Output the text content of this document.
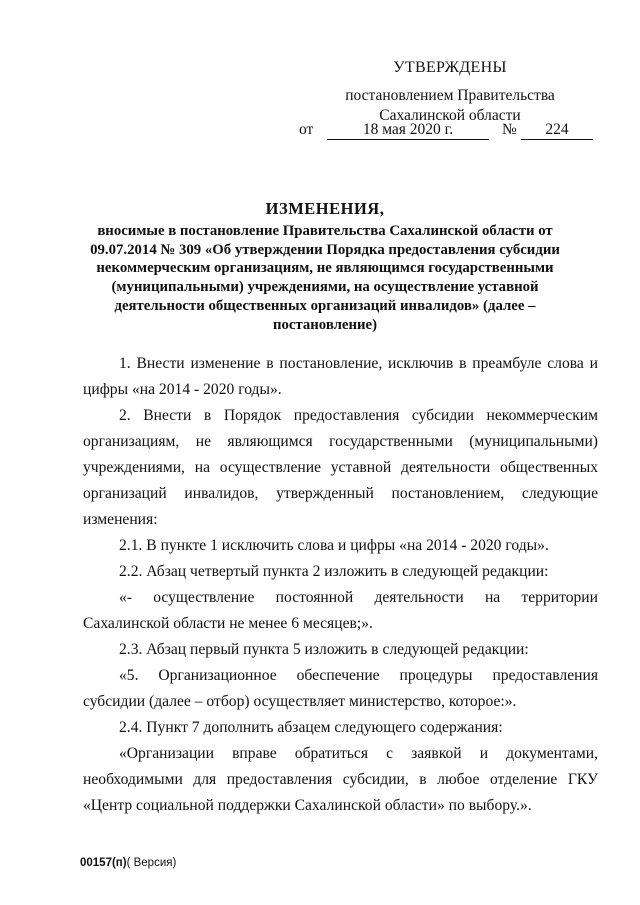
УТВЕРЖДЕНЫ
постановлением Правительства
Сахалинской области
от	18 мая 2020 г.	№	224
ИЗМЕНЕНИЯ,
вносимые в постановление Правительства Сахалинской области от 09.07.2014 № 309 «Об утверждении Порядка предоставления субсидии некоммерческим организациям, не являющимся государственными (муниципальными) учреждениями, на осуществление уставной деятельности общественных организаций инвалидов» (далее – постановление)

1. Внести изменение в постановление, исключив в преамбуле слова и цифры «на 2014 - 2020 годы».

2. Внести в Порядок предоставления субсидии некоммерческим организациям, не являющимся государственными (муниципальными) учреждениями, на осуществление уставной деятельности общественных организаций инвалидов, утвержденный постановлением, следующие изменения:

2.1. В пункте 1 исключить слова и цифры «на 2014 - 2020 годы».

2.2. Абзац четвертый пункта 2 изложить в следующей редакции:

«- осуществление постоянной деятельности на территории Сахалинской области не менее 6 месяцев;».

2.3. Абзац первый пункта 5 изложить в следующей редакции:

«5. Организационное обеспечение процедуры предоставления субсидии (далее – отбор) осуществляет министерство, которое:».

2.4. Пункт 7 дополнить абзацем следующего содержания:

«Организации вправе обратиться с заявкой и документами, необходимыми для предоставления субсидии, в любое отделение ГКУ «Центр социальной поддержки Сахалинской области» по выбору.».

00157(п)( Версия)
